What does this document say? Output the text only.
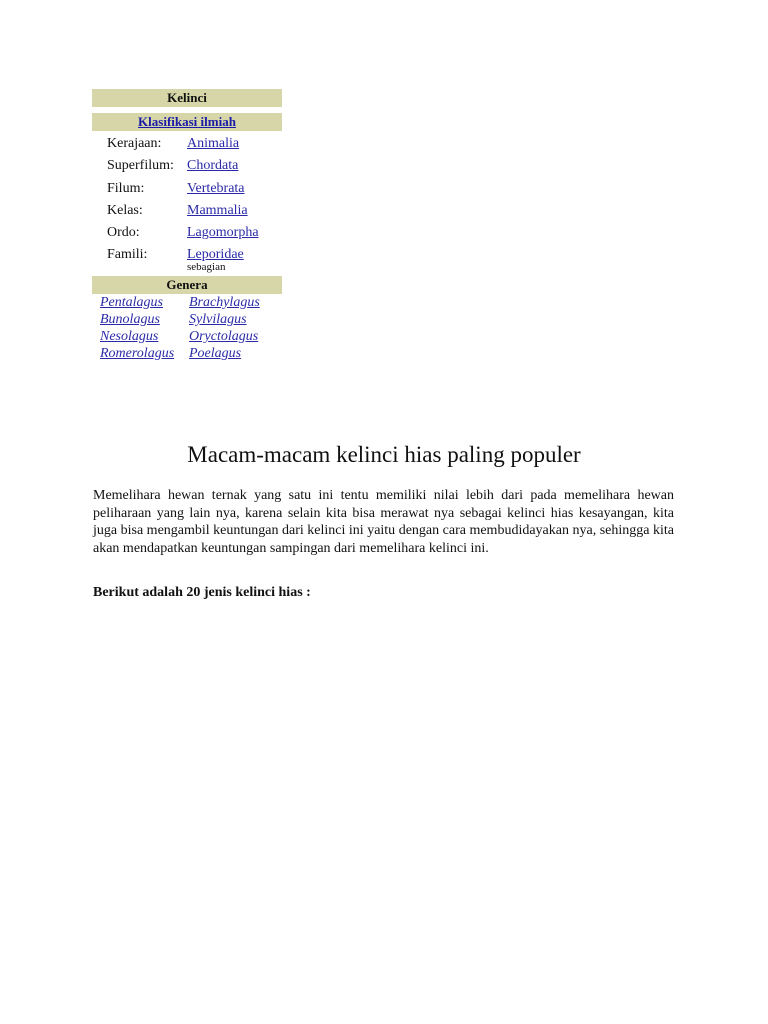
Kelinci
Klasifikasi ilmiah
Kerajaan:	Animalia
Superfilum: Chordata
Filum:	Vertebrata
Kelas:	Mammalia
Ordo:	Lagomorpha
Famili:	Leporidae
sebagian
Genera
Pentalagus	Brachylagus
Bunolagus	Sylvilagus
Nesolagus	Oryctolagus
Romerolagus	Poelagus
Macam-macam kelinci hias paling populer

Memelihara hewan ternak yang satu ini tentu memiliki nilai lebih dari pada memelihara hewan peliharaan yang lain nya, karena selain kita bisa merawat nya sebagai kelinci hias kesayangan, kita juga bisa mengambil keuntungan dari kelinci ini yaitu dengan cara membudidayakan nya, sehingga kita akan mendapatkan keuntungan sampingan dari memelihara kelinci ini.

Berikut adalah 20 jenis kelinci hias :
